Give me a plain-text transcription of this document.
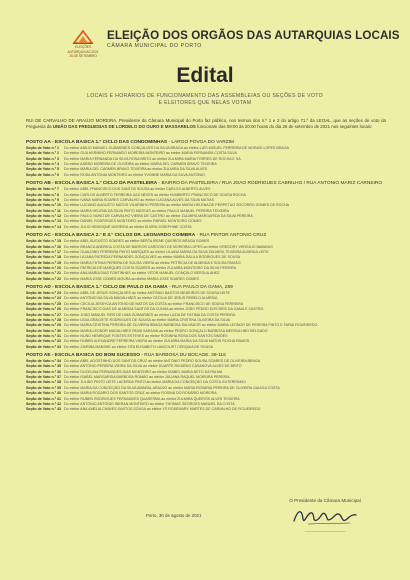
ELEIÇÕES
AUTÁRQUICAS 2021
26 DE SETEMBRO
ELEIÇÃO DOS ORGÃOS DAS AUTARQUIAS LOCAIS
CÂMARA MUNICIPAL DO PORTO
Edital
LOCAIS E HORÁRIOS DE FUNCIONAMENTO DAS ASSEMBLEIAS OU SEÇÕES DE VOTO
E ELEITORES QUE NELAS VOTAM
RUI DE CARVALHO DE ARAÚJO MOREIRA, Presidente da Câmara Municipal do Porto faz público, nos termos dos n.º 1 e 2 do artigo 71.º da LEOAL, que as seções de voto da Freguesia da UNIÃO DAS FREGUESIAS DE LORDELO DO OURO E MASSARELOS funcionam das 08:00 às 20:00 horas do dia 26 de setembro de 2021 nos seguintes locais:
POSTO AA - ESCOLA BÁSICA 1.º CICLO DAS CONDOMINHAS - LARGO PÓVOA DO VARZIM
Seção de Voto n.º 1 Do eleitor ABÍLIO MANUEL GUIMARÃES GONÇALVES DA SILVA BRAGA ao eleitor LUÍS MIGUEL FERREIRA DE MORAIS LOPES BRAGA
Seção de Voto n.º 2 Do eleitor GUILHERMINO FERNANDO MOREIRA MONTEIRO ao eleitor MARIA FERNANDA COSTA SILVA
Seção de Voto n.º 3 Do eleitor MARIA FERNANDA DA SILVA ROSA BRITO ao eleitor ZULMIRA MARIA TORRES DE ROCHA E SÁ
Seção de Voto n.º 4 Do eleitor AARÃO MOREIRA DE OLIVEIRA ao eleitor MARIA DEL CARMEN BRAVO TEIXEIRA
Seção de Voto n.º 5 Do eleitor MARIA DEL CARMEN BRAVO TEIXEIRA ao eleitor ZULMIRA DA SILVA ALVES
Seção de Voto n.º 6 Do eleitor ROSA ANTÓNIA MONTEIRO ao eleitor YVONNE MARIA DA SILVA ANTÓNIO
POSTO AB - ESCOLA BÁSICA 1.º CICLO DA PASTELEIRA - BAIRRO DA PASTELEIRA / RUA JOÃO RODRIGUES CABRILHO / RUA ANTÓNIO MARIZ CARNEIRO
Seção de Voto n.º 7 Do eleitor ABEL FRANCISCO DOS SANTOS SOUSA ao eleitor CARLOS ALBERTO ALVES
Seção de Voto n.º 8 Do eleitor CARLOS ALBERTO FERREIRA DAS NEVES ao eleitor HUMBERTO FRANCISCO DE SOUSA ROCHA
Seção de Voto n.º 9 Do eleitor IVANA MARIA SOARES CARVALHO ao eleitor LUCIANA ALVES DA SILVA MATIAS
Seção de Voto n.º 10 Do eleitor LUCIANO AUGUSTO MATOS VILARINHO PEREIRA ao eleitor MARIA HELENA DE PERPÉTUO SOCORRO GOMES DE ROCHA
Seção de Voto n.º 11 Do eleitor MARIA HELENA DA SILVA PINTO MATEUS ao eleitor PAULO MANUEL PEREIRA TEIXEIRA
Seção de Voto n.º 12 Do eleitor PAULO NUNO DE CARVALHO VIEIRA DE CASTRO ao eleitor ZULMIRA MARGARIDA DA SILVA PEREIRA
Seção de Voto n.º 13 Do eleitor DANIEL RODRIGUES MONTEIRO ao eleitor RAFAEL MONTEIRO GOMES
Seção de Voto n.º 14 Do eleitor JÚLIO HENRIQUE MOREIRA ao eleitor ELVIRA JOSEPHINE COSTA
POSTO AC - ESCOLA BÁSICA 2.º E 3.º CICLOS DR. LEONARDO COIMBRA - RUA PINTOR ANTÓNIO CRUZ
Seção de Voto n.º 15 Do eleitor ABEL AUGUSTO SOARES ao eleitor BERTA IRENE QUEIRÓS BRAGA GOMES
Seção de Voto n.º 16 Do eleitor BRANCA ANDREIA COSTA DE BARROS CARDOSO DE MOREIRA LOPES ao eleitor GREGORY VERGÍLIO BABAVAS
Seção de Voto n.º 17 Do eleitor GUALDINO FERREIRA PINTO MARQUES ao eleitor LILIANA MARIA DA SILVA ZULMIRA TEIXEIRA ALMEIDA LEITE
Seção de Voto n.º 18 Do eleitor LILIANA PATRÍCIA FERNANDES GONÇALVES ao eleitor MARIA DALILA RODRIGUES DE SOUSA
Seção de Voto n.º 19 Do eleitor MARIA FÁTIMA PEREIRA DE SOUSA VIEIRA ao eleitor PETRÍCIA DE ALMEIDA E SOUSA PAIXÃO
Seção de Voto n.º 20 Do eleitor PATRÍCIA DE MARQUES COSTA SOARES ao eleitor ZULMIRA MONTEIRO DA SILVA PEREIRA
Seção de Voto n.º 21 Do eleitor ANA MARIA DIAS FONTINHAS ao eleitor VÍTOR MANUEL GONÇALO BERGUILAHEZ
Seção de Voto n.º 22 Do eleitor MARIA JOSÉ GOMES MOURA ao eleitor MARIA JOSÉ SOARES GOMES
POSTO AD - ESCOLA BÁSICA 1.º CICLO DE PAULO DA GAMA - RUA PAULO DA GAMA, 289
Seção de Voto n.º 23 Do eleitor ABEL DE JESUS GONÇALVES ao eleitor ANTÓNIO BASTOS MEDEIROS DE SOUSA LEITE
Seção de Voto n.º 24 Do eleitor ANTÓNIO DA SILVA MAGALHÃES ao eleitor CECÍLIA DE JESUS REBELO ALMEIDA
Seção de Voto n.º 25 Do eleitor CECÍLIA JESSYCA ANTÓNIO DE MATOS DA COSTA ao eleitor FRANCISCO DE SOUSA FERREIRA
Seção de Voto n.º 26 Do eleitor FRANCISCO DIAS DE ALMEIDA SANTOS DA CUNHA ao eleitor JOÃO PEDRO DOS REIS DA GAMA E CASTRO
Seção de Voto n.º 27 Do eleitor JOÃO MANUEL REIS DE LIMA GUIMARÃES ao eleitor LUZIA DE FÁTIMA DA COSTA PEREIRA
Seção de Voto n.º 28 Do eleitor LÍDIA GRACIETE RODRIGUES DE SOUSA ao eleitor MARIA CRISTINA OLIVEIRA DA SILVA
Seção de Voto n.º 29 Do eleitor MARIA CRISTINA PEREIRA DE OLIVEIRA BRAGA BARBOSA SALVADOR ao eleitor MARIA LEONOR DE PEREIRA PINTO E FARIA FIGUEIREDO
Seção de Voto n.º 30 Do eleitor MARIA LEONOR MAGALHÃES PAIVA SARAIVA ao eleitor PEDRO GONÇALO BARBOSA MERGULHÃO DELGADO
Seção de Voto n.º 31 Do eleitor NUNO HENRIQUE FONTES ESTEVES ao eleitor ROSINHA ROSA DOS SANTOS SIMÕES
Seção de Voto n.º 32 Do eleitor RÚBEN ALEXANDRE FERREIRA VIEIRA ao eleitor ZULMIRA MARIA DA SILVA MATOS ROCHA RAMOS
Seção de Voto n.º 33 Do eleitor ZAIRINA MANSHE ao eleitor ZITA ELISABETH LANCOURT CERQUIA DE SOUSA
POSTO AE - ESCOLA BÁSICA DO BOM SUCESSO - RUA BARBOSA DU BOCAGE, 38-116
Seção de Voto n.º 34 Do eleitor ABEL AGOSTINHO DOS SANTOS CRUZ ao eleitor ANTÓNIO PEDRO SOUSA SOARES DE OLIVEIRA BRAGA
Seção de Voto n.º 35 Do eleitor ANTÓNIO PEREIRA VIEIRA DA SILVA ao eleitor DUARTE RICARDO CASANOVA ALVES DE BRITO
Seção de Voto n.º 36 Do eleitor DUCELINA FERNANDES DIAS MONTEIRO ao eleitor ISABEL MARIA NETO DA PALMA
Seção de Voto n.º 37 Do eleitor ISABEL MARGARIDA BARBOSA ROMÃO ao eleitor JULIANA RAQUEL MOREIRA PEREIRA
Seção de Voto n.º 38 Do eleitor JULIÃO PINTO LEITE LACERDA PINTO ao eleitor MARIA DA CONCEIÇÃO DA COSTA GUTERRINHO
Seção de Voto n.º 39 Do eleitor MARIA DA CONCEIÇÃO DA SILVA AMARAL ARAÚJO ao eleitor MARIA ROSÁRIA PEREIRA DE OLIVEIRA GAIAGA COSTA
Seção de Voto n.º 40 Do eleitor MARIA ROSÁRIO DOS SANTOS CRUZ ao eleitor ROSINA DO ROSÁRIO MOREIRA
Seção de Voto n.º 41 Do eleitor RUBEN RODRIGUES FERNANDES QUARESMA ao eleitor ZULMIRA QUEIRÓS ALVES TEIXEIRA
Seção de Voto n.º 42 Do eleitor ANTÓNIO ANTÓNIO INERAN MONTEIRO ao eleitor THOMAS GEORGES MANUEL DA COSTA
Seção de Voto n.º 43 Do eleitor ANA AMÉLIA CHAVES SANTOS SOUSA ao eleitor YS ROSEMARY MARTES DE CARVALHO DE FIGUEIREDO
Porto, 30 de agosto de 2021
O Presidente da Câmara Municipal
_______________________
